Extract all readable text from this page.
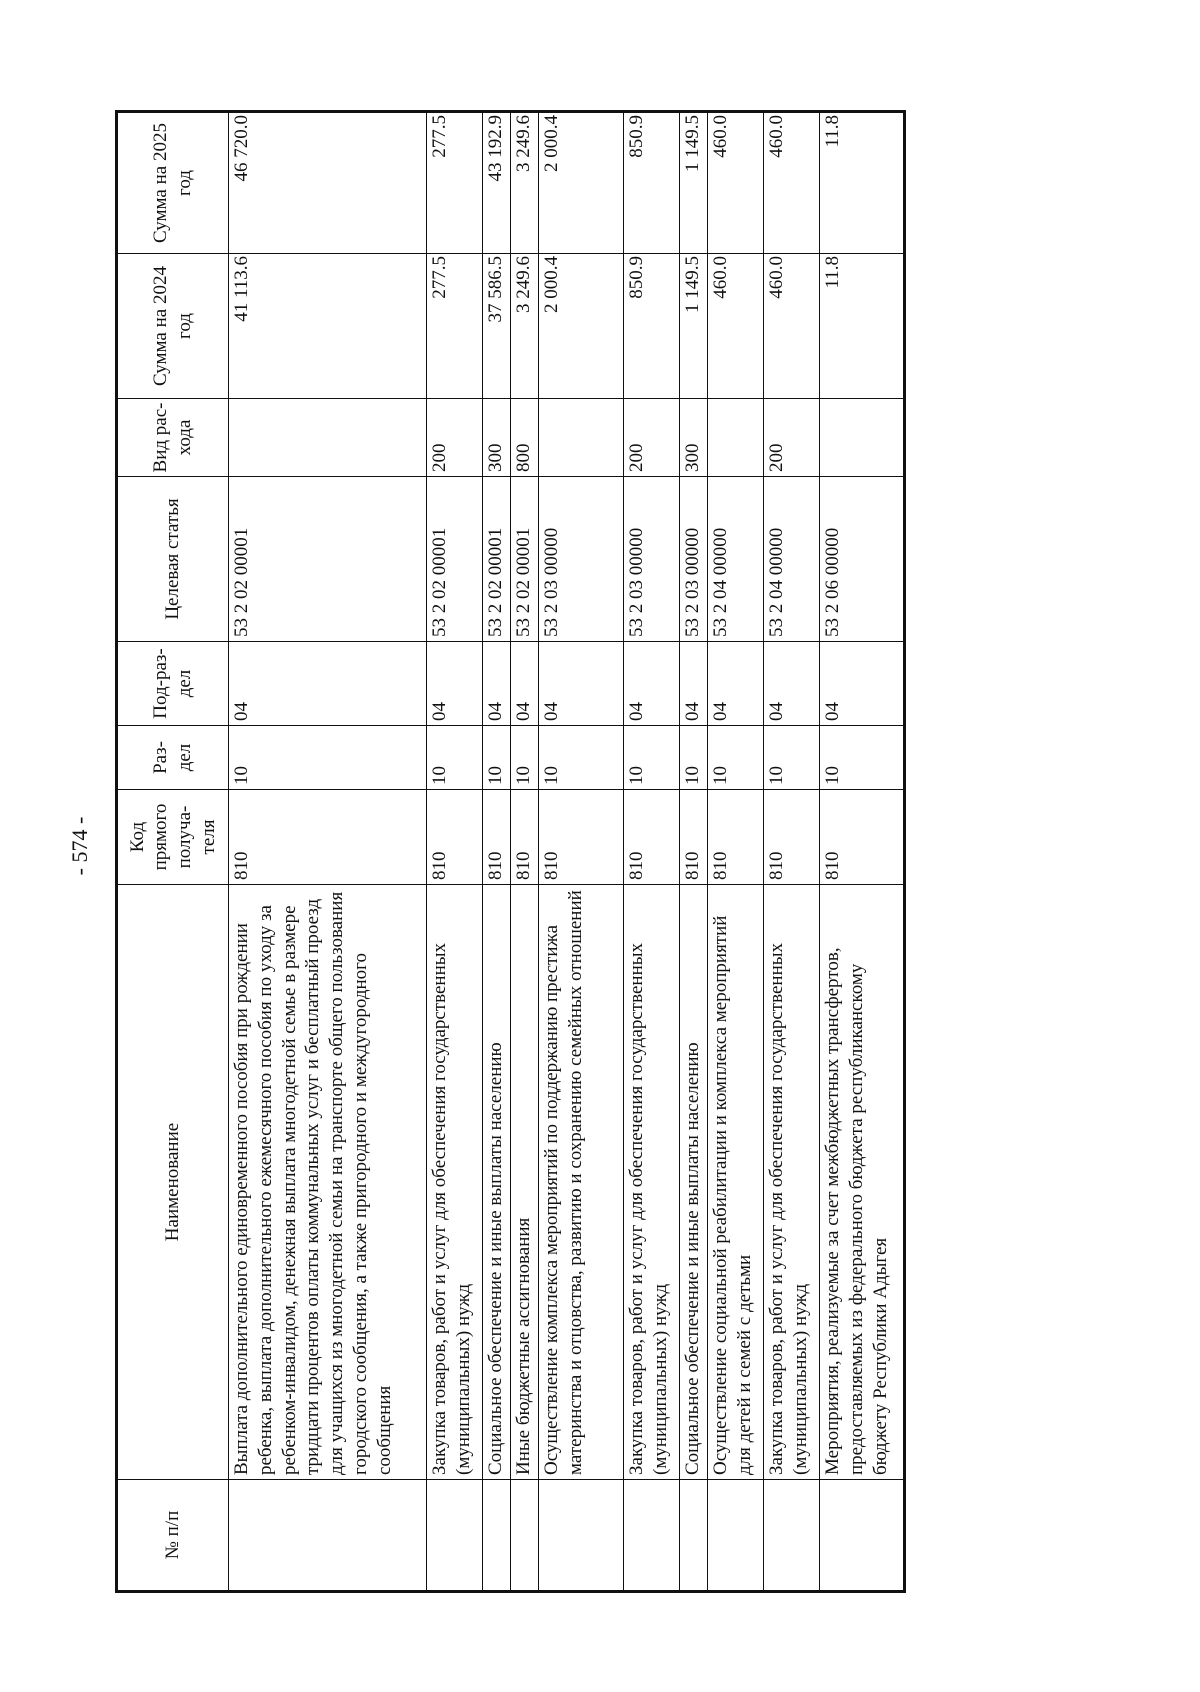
- 574 -
№ п/п	Наименование	Код прямого получа-теля	Раз-дел	Под-раз-дел	Целевая статья	Вид рас-хода	Сумма на 2024 год	Сумма на 2025 год
	Выплата дополнительного единовременного пособия при рождении ребенка, выплата дополнительного ежемесячного пособия по уходу за ребенком-инвалидом, денежная выплата многодетной семье в размере тридцати процентов оплаты коммунальных услуг и бесплатный проезд для учащихся из многодетной семьи на транспорте общего пользования городского сообщения, а также пригородного и междугородного сообщения	810	10	04	53 2 02 00001		41 113.6	46 720.0
	Закупка товаров, работ и услуг для обеспечения государственных (муниципальных) нужд	810	10	04	53 2 02 00001	200	277.5	277.5
	Социальное обеспечение и иные выплаты населению	810	10	04	53 2 02 00001	300	37 586.5	43 192.9
	Иные бюджетные ассигнования	810	10	04	53 2 02 00001	800	3 249.6	3 249.6
	Осуществление комплекса мероприятий по поддержанию престижа материнства и отцовства, развитию и сохранению семейных отношений	810	10	04	53 2 03 00000		2 000.4	2 000.4
	Закупка товаров, работ и услуг для обеспечения государственных (муниципальных) нужд	810	10	04	53 2 03 00000	200	850.9	850.9
	Социальное обеспечение и иные выплаты населению	810	10	04	53 2 03 00000	300	1 149.5	1 149.5
	Осуществление социальной реабилитации и комплекса мероприятий для детей и семей с детьми	810	10	04	53 2 04 00000		460.0	460.0
	Закупка товаров, работ и услуг для обеспечения государственных (муниципальных) нужд	810	10	04	53 2 04 00000	200	460.0	460.0
	Мероприятия, реализуемые за счет межбюджетных трансфертов, предоставляемых из федерального бюджета республиканскому бюджету Республики Адыгея	810	10	04	53 2 06 00000		11.8	11.8
